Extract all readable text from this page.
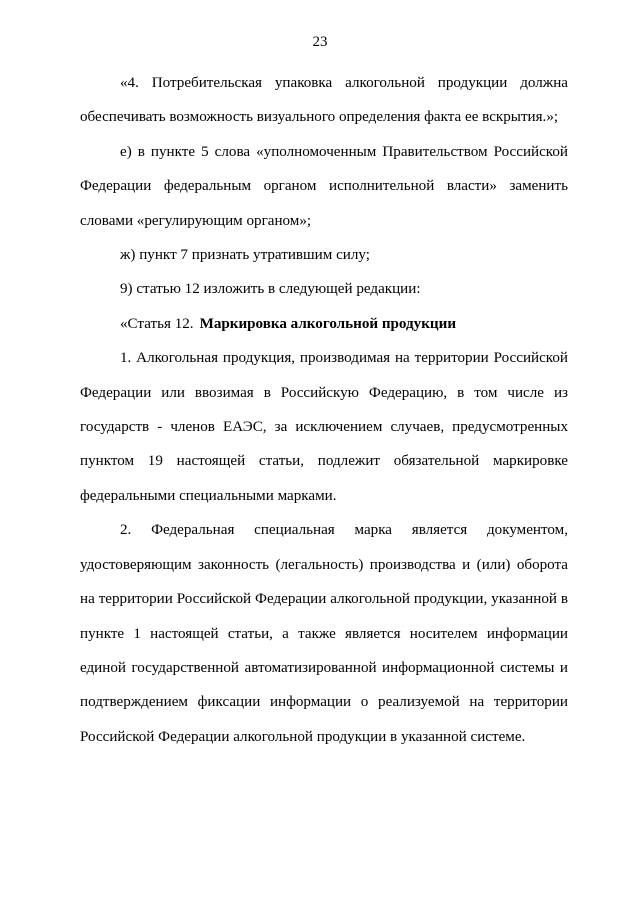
23

«4. Потребительская упаковка алкогольной продукции должна обеспечивать возможность визуального определения факта ее вскрытия.»;

е) в пункте 5 слова «уполномоченным Правительством Российской Федерации федеральным органом исполнительной власти» заменить словами «регулирующим органом»;

ж) пункт 7 признать утратившим силу;

9) статью 12 изложить в следующей редакции:

«Статья 12. Маркировка алкогольной продукции

1. Алкогольная продукция, производимая на территории Российской Федерации или ввозимая в Российскую Федерацию, в том числе из государств - членов ЕАЭС, за исключением случаев, предусмотренных пунктом 19 настоящей статьи, подлежит обязательной маркировке федеральными специальными марками.

2. Федеральная специальная марка является документом, удостоверяющим законность (легальность) производства и (или) оборота на территории Российской Федерации алкогольной продукции, указанной в пункте 1 настоящей статьи, а также является носителем информации единой государственной автоматизированной информационной системы и подтверждением фиксации информации о реализуемой на территории Российской Федерации алкогольной продукции в указанной системе.
